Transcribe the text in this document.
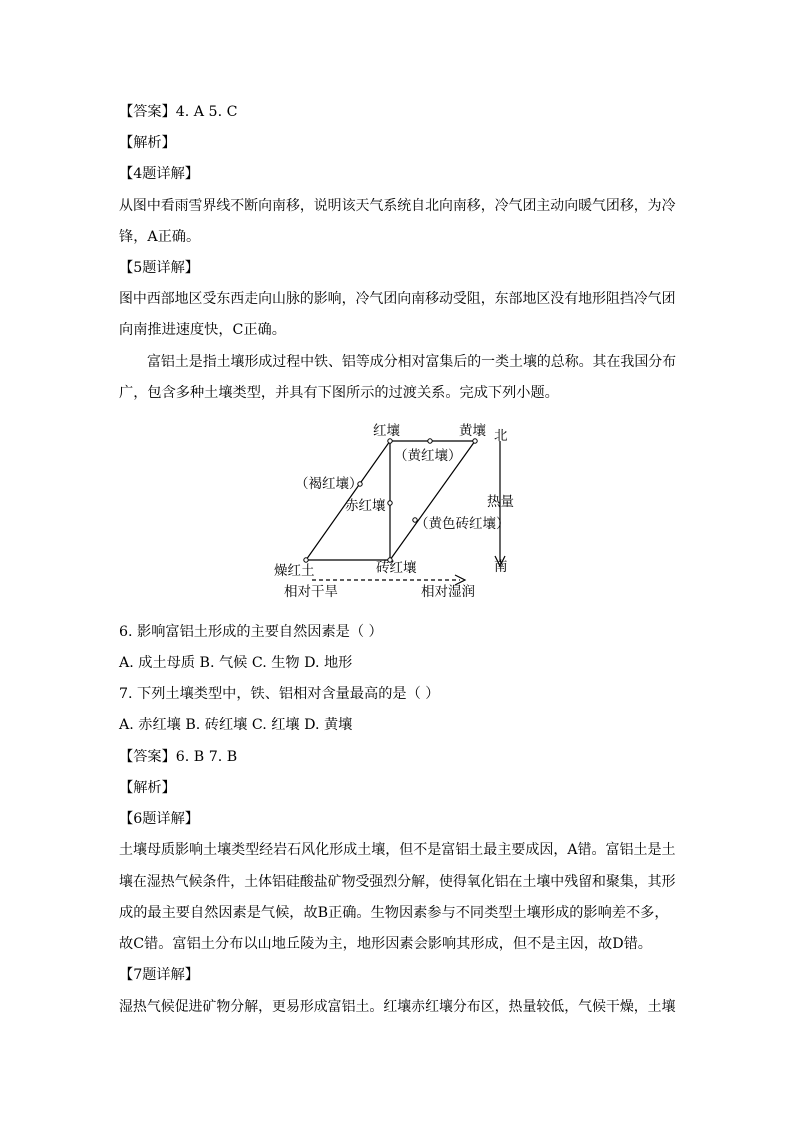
【答案】4. A 5. C
【解析】
【4题详解】
从图中看雨雪界线不断向南移，说明该天气系统自北向南移，冷气团主动向暖气团移，为冷
锋，A正确。
【5题详解】
图中西部地区受东西走向山脉的影响，冷气团向南移动受阻，东部地区没有地形阻挡冷气团
向南推进速度快，C正确。
富铝土是指土壤形成过程中铁、铝等成分相对富集后的一类土壤的总称。其在我国分布
广，包含多种土壤类型，并具有下图所示的过渡关系。完成下列小题。
红壤	黄壤 北
（黄红壤）
（褐红壤）
赤红壤	热量
（黄色砖红壤）
燥红土	砖红壤	南
相对干旱	相对湿润
6. 影响富铝土形成的主要自然因素是（ ）
A. 成土母质 B. 气候 C. 生物 D. 地形
7. 下列土壤类型中，铁、铝相对含量最高的是（ ）
A. 赤红壤 B. 砖红壤 C. 红壤 D. 黄壤
【答案】6. B 7. B
【解析】
【6题详解】
土壤母质影响土壤类型经岩石风化形成土壤，但不是富铝土最主要成因，A错。富铝土是土
壤在湿热气候条件，土体铝硅酸盐矿物受强烈分解，使得氧化铝在土壤中残留和聚集，其形
成的最主要自然因素是气候，故B正确。生物因素参与不同类型土壤形成的影响差不多，
故C错。富铝土分布以山地丘陵为主，地形因素会影响其形成，但不是主因，故D错。
【7题详解】
湿热气候促进矿物分解，更易形成富铝土。红壤赤红壤分布区，热量较低，气候干燥，土壤
